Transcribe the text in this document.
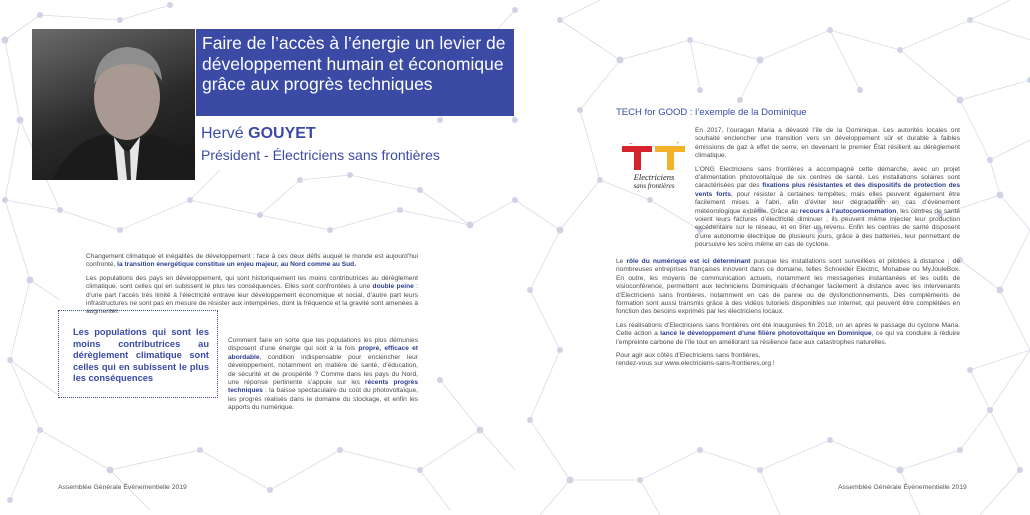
Faire de l’accès à l’énergie un levier de développement humain et économique grâce aux progrès techniques
Hervé GOUYET
Président - Électriciens sans frontières

Changement climatique et inégalités de développement : face à ces deux défis auquel le monde est aujourd’hui confronté, la transition énergétique constitue un enjeu majeur, au Nord comme au Sud.

Les populations des pays en développement, qui sont historiquement les moins contributrices au dérèglement climatique, sont celles qui en subissent le plus les conséquences. Elles sont confrontées à une double peine : d’une part l’accès très limité à l’électricité entrave leur développement économique et social, d’autre part leurs infrastructures ne sont pas en mesure de résister aux intempéries, dont la fréquence et la gravité sont amenées à augmenter.

Comment faire en sorte que les populations les plus démunies disposent d’une énergie qui soit à la fois propre, efficace et abordable, condition indispensable pour enclencher leur développement, notamment en matière de santé, d’éducation, de sécurité et de prospérité ? Comme dans les pays du Nord, une réponse pertinente s’appuie sur les récents progrès techniques : la baisse spectaculaire du coût du photovoltaïque, les progrès réalisés dans le domaine du stockage, et enfin les apports du numérique.

Les populations qui sont les moins contributrices au dérèglement climatique sont celles qui en subissent le plus les conséquences
Assemblée Générale Événementielle 2019
TECH for GOOD : l’exemple de la Dominique
–	+
Electriciens
sans frontières

En 2017, l’ouragan Maria a dévasté l’île de la Dominique. Les autorités locales ont souhaité enclencher une transition vers un développement sûr et durable à faibles émissions de gaz à effet de serre, en devenant le premier État résilient au dérèglement climatique.

L’ONG Electriciens sans frontières a accompagné cette démarche, avec un projet d’alimentation photovoltaïque de six centres de santé. Les installations solaires sont caractérisées par des fixations plus résistantes et des dispositifs de protection des vents forts, pour résister à certaines tempêtes, mais elles peuvent également être facilement mises à l’abri, afin d’éviter leur dégradation en cas d’évènement météorologique extrême. Grâce au recours à l’autoconsommation, les centres de santé voient leurs factures d’électricité diminuer ; ils peuvent même injecter leur production excédentaire sur le réseau, et en tirer un revenu. Enfin les centres de santé disposent d’une autonomie électrique de plusieurs jours, grâce à des batteries, leur permettant de poursuivre les soins même en cas de cyclone.

Le rôle du numérique est ici déterminant puisque les installations sont surveillées et pilotées à distance ; de nombreuses entreprises françaises innovent dans ce domaine, telles Schneider Electric, Monabee ou MyJouleBox. En outre, les moyens de communication actuels, notamment les messageries instantanées et les outils de visioconférence, permettent aux techniciens Dominiquais d’échanger facilement à distance avec les intervenants d’Electriciens sans frontières, notamment en cas de panne ou de dysfonctionnements. Des compléments de formation sont aussi transmis grâce à des vidéos tutoriels disponibles sur internet, qui peuvent être complétées en fonction des besoins exprimés par les électriciens locaux.

Les réalisations d’Electriciens sans frontières ont été inaugurées fin 2018, un an après le passage du cyclone Maria. Cette action a lancé le développement d’une filière photovoltaïque en Dominique, ce qui va conduire à réduire l’empreinte carbone de l’île tout en améliorant sa résilience face aux catastrophes naturelles.

Pour agir aux côtés d’Electriciens sans frontières,
rendez-vous sur www.electriciens-sans-frontieres.org !

Assemblée Générale Événementielle 2019
